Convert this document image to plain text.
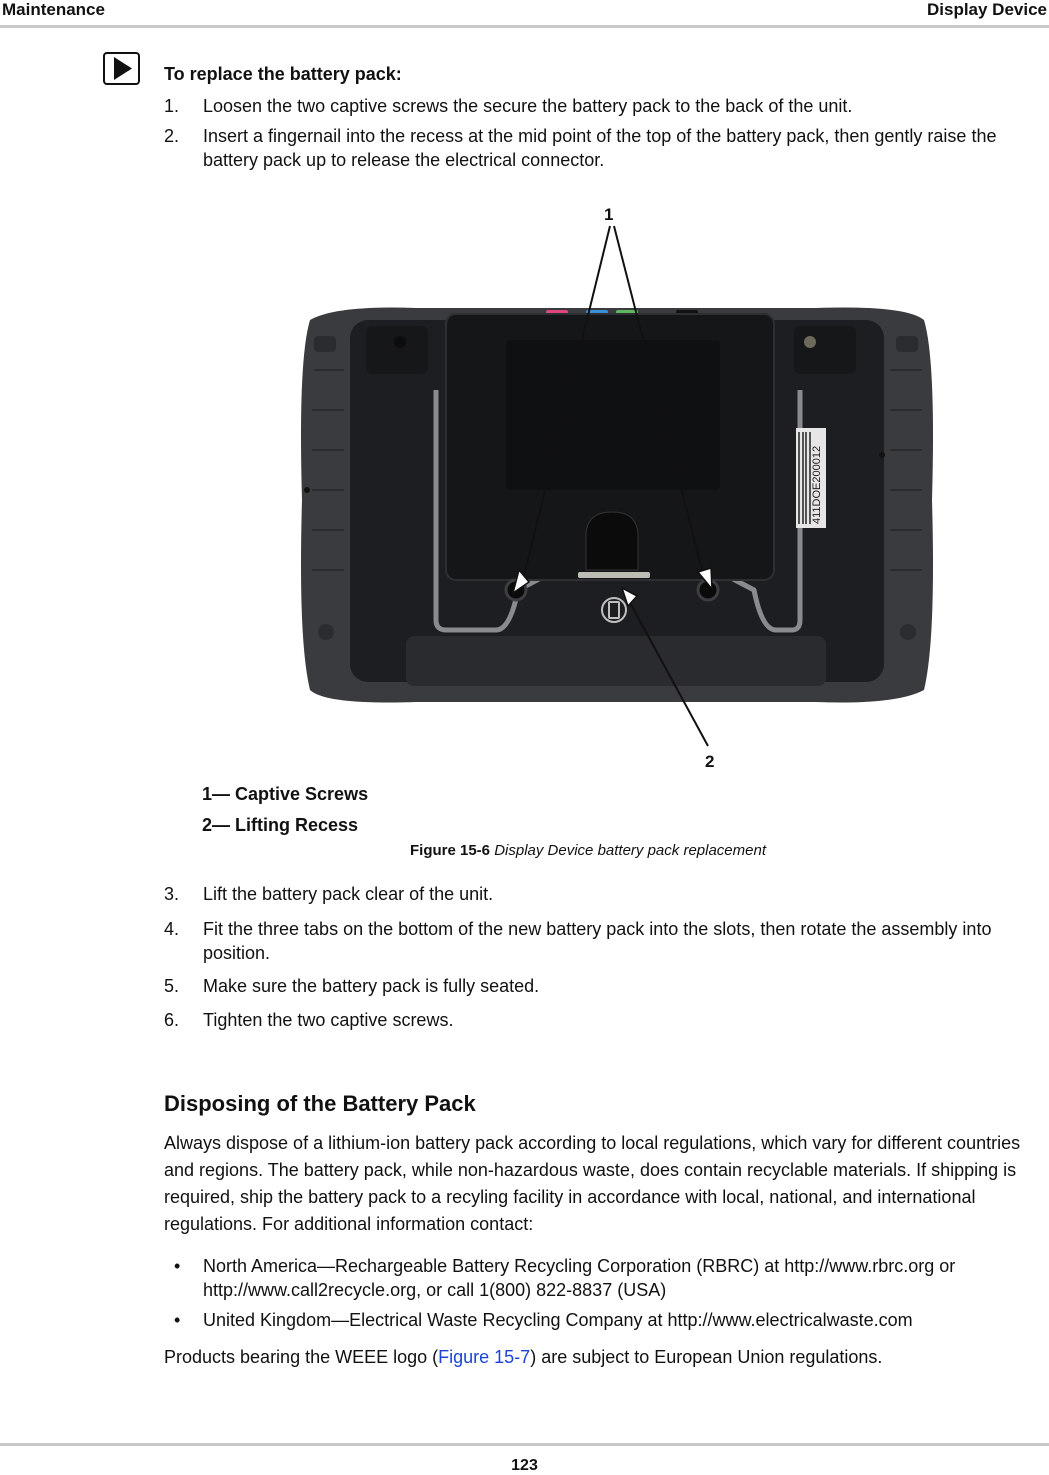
Maintenance	Display Device
To replace the battery pack:
1. Loosen the two captive screws the secure the battery pack to the back of the unit.
2. Insert a fingernail into the recess at the mid point of the top of the battery pack, then gently raise the battery pack up to release the electrical connector.
1
2
411DOE200012
1— Captive Screws
2— Lifting Recess
Figure 15-6 Display Device battery pack replacement
3. Lift the battery pack clear of the unit.
4. Fit the three tabs on the bottom of the new battery pack into the slots, then rotate the assembly into position.
5. Make sure the battery pack is fully seated.
6. Tighten the two captive screws.
Disposing of the Battery Pack
Always dispose of a lithium-ion battery pack according to local regulations, which vary for different countries and regions. The battery pack, while non-hazardous waste, does contain recyclable materials. If shipping is required, ship the battery pack to a recyling facility in accordance with local, national, and international regulations. For additional information contact:
• North America—Rechargeable Battery Recycling Corporation (RBRC) at http://www.rbrc.org or http://www.call2recycle.org, or call 1(800) 822-8837 (USA)
• United Kingdom—Electrical Waste Recycling Company at http://www.electricalwaste.com
Products bearing the WEEE logo (Figure 15-7) are subject to European Union regulations.
123
